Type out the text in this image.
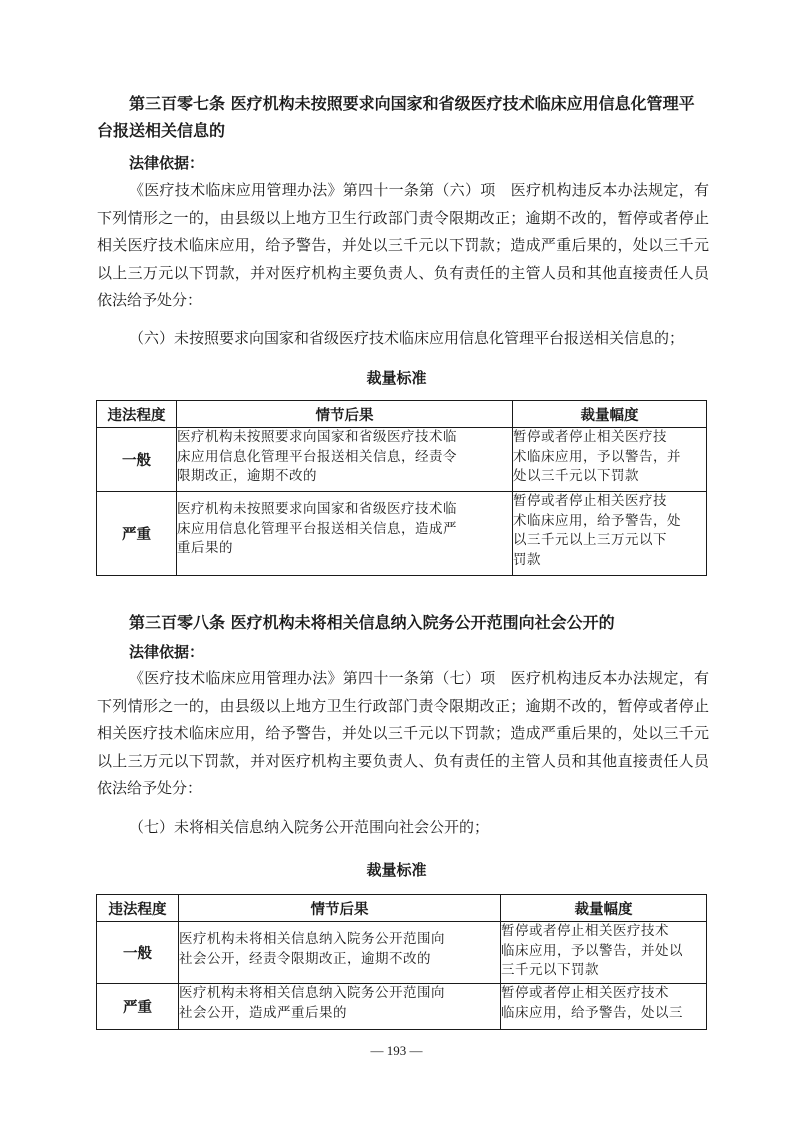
第三百零七条 医疗机构未按照要求向国家和省级医疗技术临床应用信息化管理平台报送相关信息的

法律依据：

《医疗技术临床应用管理办法》第四十一条第（六）项　医疗机构违反本办法规定，有下列情形之一的，由县级以上地方卫生行政部门责令限期改正；逾期不改的，暂停或者停止相关医疗技术临床应用，给予警告，并处以三千元以下罚款；造成严重后果的，处以三千元以上三万元以下罚款，并对医疗机构主要负责人、负有责任的主管人员和其他直接责任人员依法给予处分：

（六）未按照要求向国家和省级医疗技术临床应用信息化管理平台报送相关信息的；

裁量标准

违法程度	情节后果	裁量幅度
一般	医疗机构未按照要求向国家和省级医疗技术临
床应用信息化管理平台报送相关信息，经责令
限期改正，逾期不改的	暂停或者停止相关医疗技
术临床应用，予以警告，并
处以三千元以下罚款

严重	医疗机构未按照要求向国家和省级医疗技术临
床应用信息化管理平台报送相关信息，造成严
重后果的	暂停或者停止相关医疗技
术临床应用，给予警告，处
以三千元以上三万元以下
罚款

第三百零八条 医疗机构未将相关信息纳入院务公开范围向社会公开的

法律依据：

《医疗技术临床应用管理办法》第四十一条第（七）项　医疗机构违反本办法规定，有下列情形之一的，由县级以上地方卫生行政部门责令限期改正；逾期不改的，暂停或者停止相关医疗技术临床应用，给予警告，并处以三千元以下罚款；造成严重后果的，处以三千元以上三万元以下罚款，并对医疗机构主要负责人、负有责任的主管人员和其他直接责任人员依法给予处分：

（七）未将相关信息纳入院务公开范围向社会公开的；

裁量标准

违法程度	情节后果	裁量幅度
一般	医疗机构未将相关信息纳入院务公开范围向
社会公开，经责令限期改正，逾期不改的	暂停或者停止相关医疗技术
临床应用，予以警告，并处以
三千元以下罚款

严重	医疗机构未将相关信息纳入院务公开范围向
社会公开，造成严重后果的	暂停或者停止相关医疗技术
临床应用，给予警告，处以三
— 193 —
